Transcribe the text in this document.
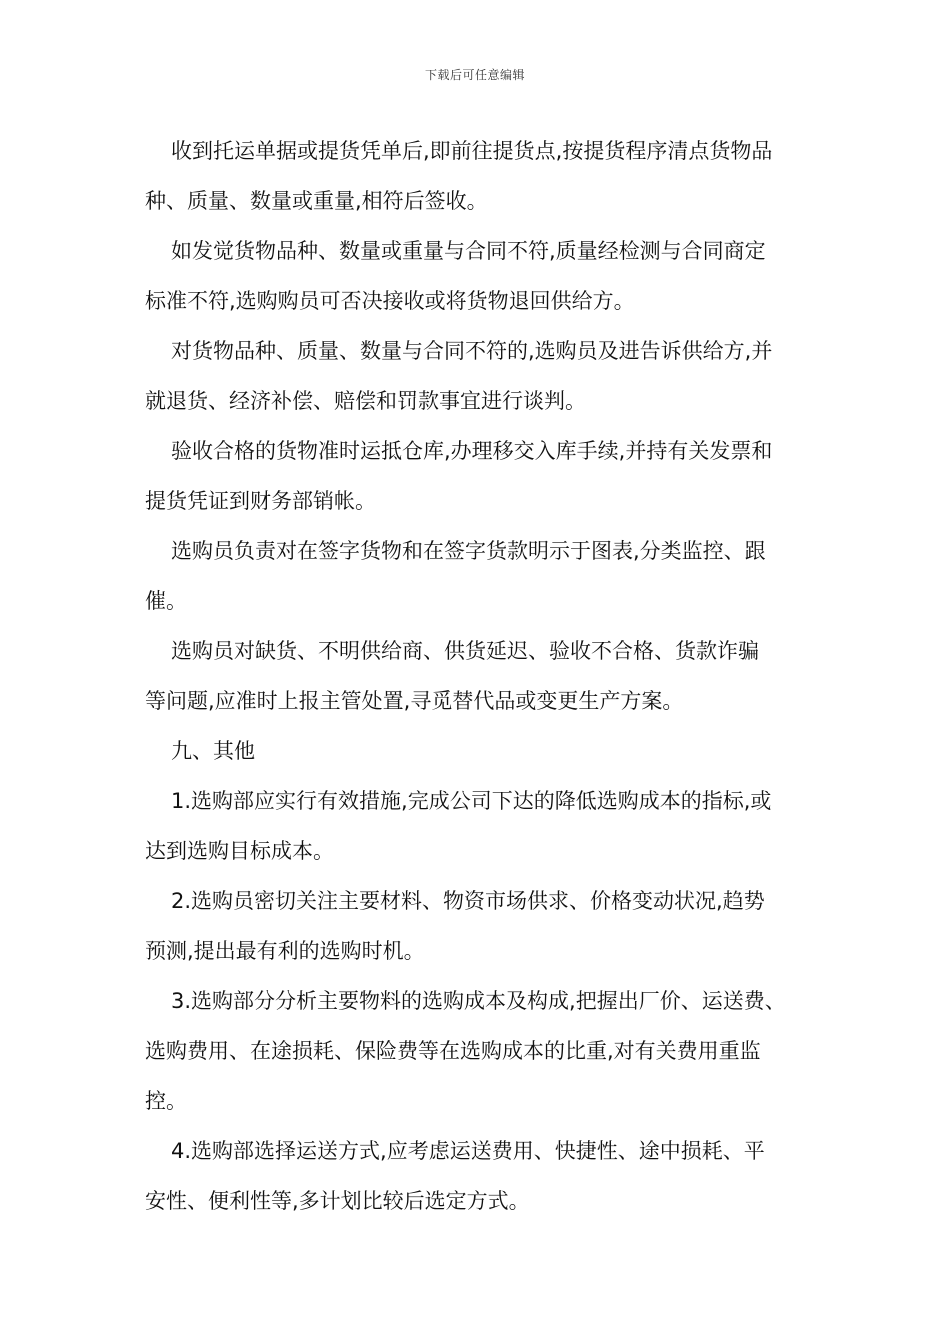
下载后可任意编辑

收到托运单据或提货凭单后,即前往提货点,按提货程序清点货物品
种、质量、数量或重量,相符后签收。

如发觉货物品种、数量或重量与合同不符,质量经检测与合同商定
标准不符,选购购员可否决接收或将货物退回供给方。

对货物品种、质量、数量与合同不符的,选购员及进告诉供给方,并
就退货、经济补偿、赔偿和罚款事宜进行谈判。

验收合格的货物准时运抵仓库,办理移交入库手续,并持有关发票和
提货凭证到财务部销帐。

选购员负责对在签字货物和在签字货款明示于图表,分类监控、跟
催。

选购员对缺货、不明供给商、供货延迟、验收不合格、货款诈骗
等问题,应准时上报主管处置,寻觅替代品或变更生产方案。

九、其他

1.选购部应实行有效措施,完成公司下达的降低选购成本的指标,或
达到选购目标成本。

2.选购员密切关注主要材料、物资市场供求、价格变动状况,趋势
预测,提出最有利的选购时机。

3.选购部分分析主要物料的选购成本及构成,把握出厂价、运送费、
选购费用、在途损耗、保险费等在选购成本的比重,对有关费用重监
控。

4.选购部选择运送方式,应考虑运送费用、快捷性、途中损耗、平
安性、便利性等,多计划比较后选定方式。
